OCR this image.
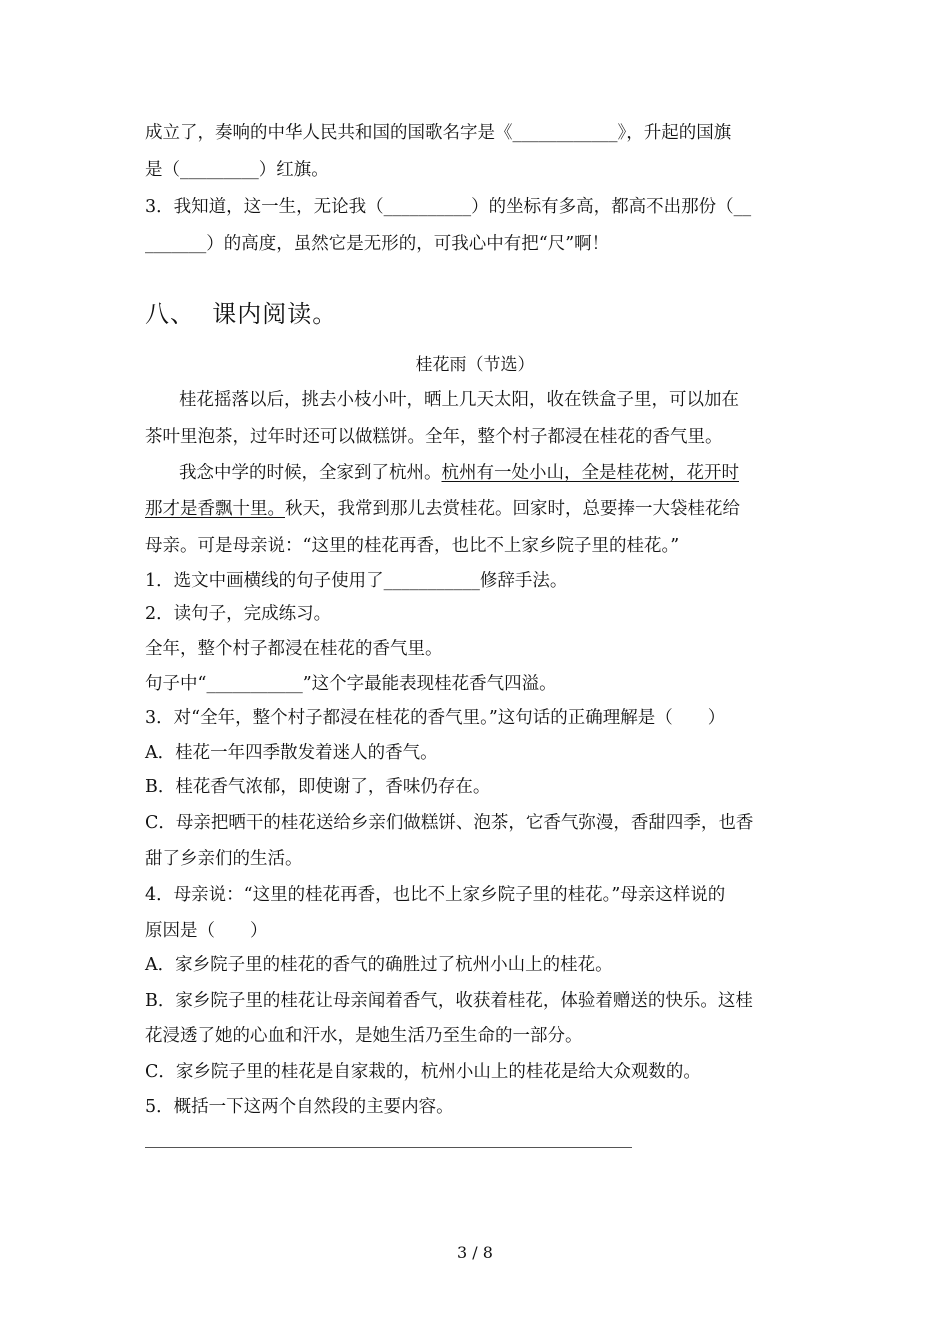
成立了，奏响的中华人民共和国的国歌名字是《____________》，升起的国旗
是（_________）红旗。
3．我知道，这一生，无论我（__________）的坐标有多高，都高不出那份（__
_______）的高度，虽然它是无形的，可我心中有把“尺”啊！
八、  课内阅读。
桂花雨（节选）
桂花摇落以后，挑去小枝小叶，晒上几天太阳，收在铁盒子里，可以加在
茶叶里泡茶，过年时还可以做糕饼。全年，整个村子都浸在桂花的香气里。
我念中学的时候，全家到了杭州。杭州有一处小山，全是桂花树，花开时
那才是香飘十里。秋天，我常到那儿去赏桂花。回家时，总要捧一大袋桂花给
母亲。可是母亲说：“这里的桂花再香，也比不上家乡院子里的桂花。”
1．选文中画横线的句子使用了___________修辞手法。
2．读句子，完成练习。
全年，整个村子都浸在桂花的香气里。
句子中“___________”这个字最能表现桂花香气四溢。
3．对“全年，整个村子都浸在桂花的香气里。”这句话的正确理解是（　　）
A．桂花一年四季散发着迷人的香气。
B．桂花香气浓郁，即使谢了，香味仍存在。
C．母亲把晒干的桂花送给乡亲们做糕饼、泡茶，它香气弥漫，香甜四季，也香
甜了乡亲们的生活。
4．母亲说：“这里的桂花再香，也比不上家乡院子里的桂花。”母亲这样说的
原因是（　　）
A．家乡院子里的桂花的香气的确胜过了杭州小山上的桂花。
B．家乡院子里的桂花让母亲闻着香气，收获着桂花，体验着赠送的快乐。这桂
花浸透了她的心血和汗水，是她生活乃至生命的一部分。
C．家乡院子里的桂花是自家栽的，杭州小山上的桂花是给大众观数的。
5．概括一下这两个自然段的主要内容。
3 / 8
